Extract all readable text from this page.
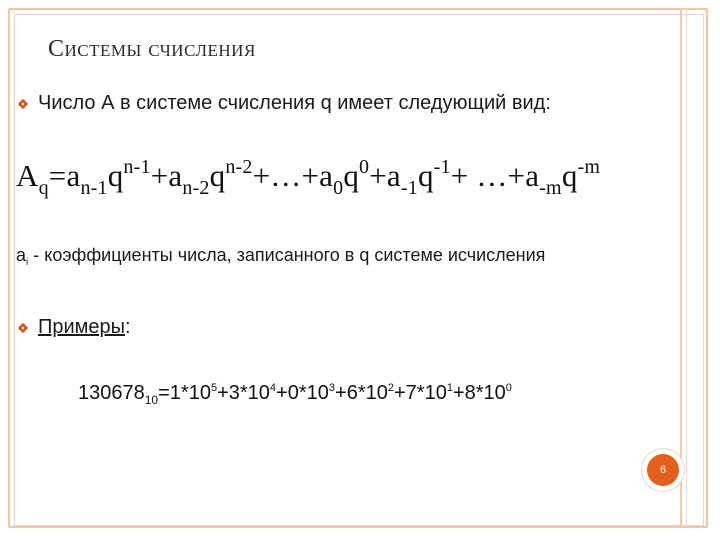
Системы счисления
Число А в системе счисления q имеет следующий вид:
$A_q=a_{n-1}q^{n-1}+a_{n-2}q^{n-2}+\dots+a_0q^0+a_{-1}q^{-1}+$ $\dots+a_{-m}q^{-m}$
$a_i$ - коэффициенты числа, записанного в q системе исчисления
Примеры:
$130678_{10}=1*10^5+3*10^4+0*10^3+6*10^2+7*10^1+8*10^0$
6
